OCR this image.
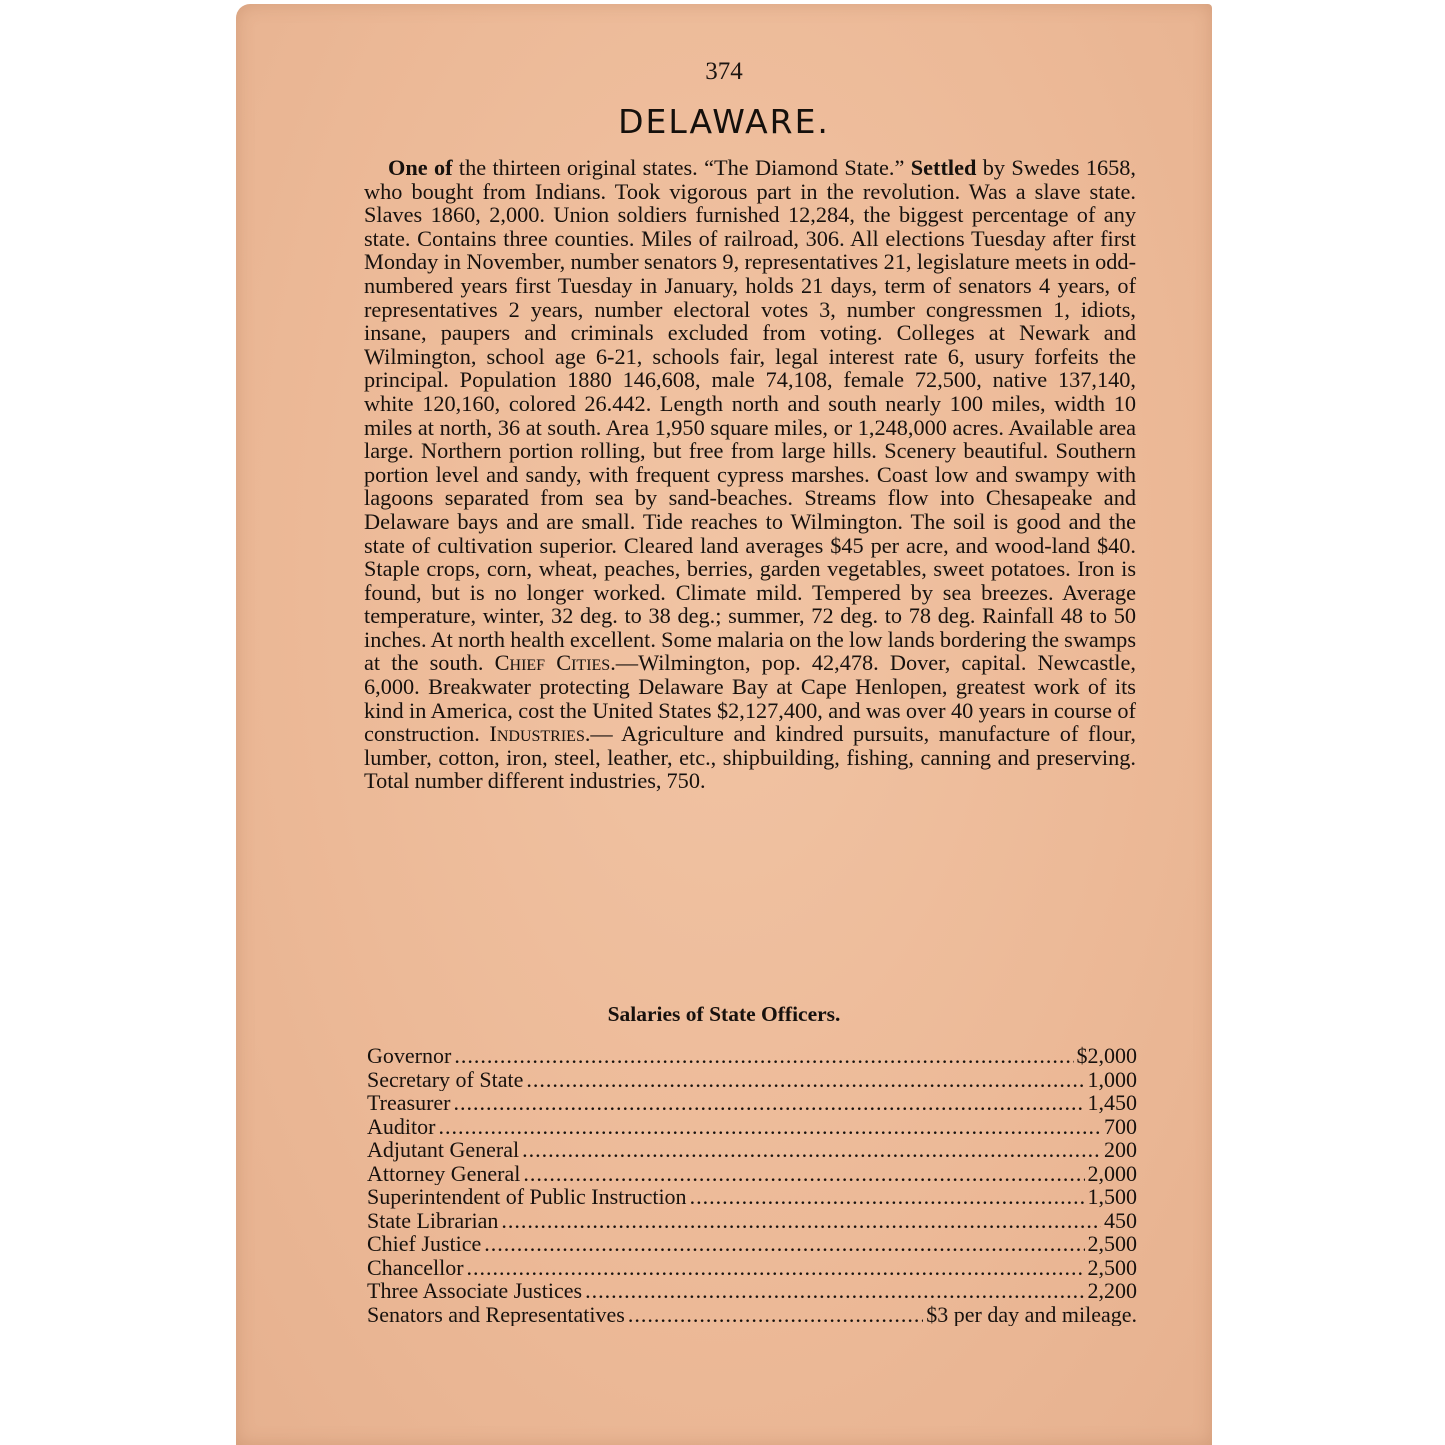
374
DELAWARE.

One of the thirteen original states. “The Diamond State.” Settled by Swedes 1658, who bought from Indians. Took vigorous part in the revolution. Was a slave state. Slaves 1860, 2,000. Union soldiers furnished 12,284, the biggest percentage of any state. Contains three counties. Miles of railroad, 306. All elections Tuesday after first Monday in November, number senators 9, representatives 21, legislature meets in odd-numbered years first Tuesday in January, holds 21 days, term of senators 4 years, of representatives 2 years, number electoral votes 3, number congressmen 1, idiots, insane, paupers and criminals excluded from voting. Colleges at Newark and Wilmington, school age 6-21, schools fair, legal interest rate 6, usury forfeits the principal. Population 1880 146,608, male 74,108, female 72,500, native 137,140, white 120,160, colored 26.442. Length north and south nearly 100 miles, width 10 miles at north, 36 at south. Area 1,950 square miles, or 1,248,000 acres. Available area large. Northern portion rolling, but free from large hills. Scenery beautiful. Southern portion level and sandy, with frequent cypress marshes. Coast low and swampy with lagoons separated from sea by sand-beaches. Streams flow into Chesapeake and Delaware bays and are small. Tide reaches to Wilmington. The soil is good and the state of cultivation superior. Cleared land averages $45 per acre, and wood-land $40. Staple crops, corn, wheat, peaches, berries, garden vegetables, sweet potatoes. Iron is found, but is no longer worked. Climate mild. Tempered by sea breezes. Average temperature, winter, 32 deg. to 38 deg.; summer, 72 deg. to 78 deg. Rainfall 48 to 50 inches. At north health excellent. Some malaria on the low lands bordering the swamps at the south. Chief Cities.—Wilmington, pop. 42,478. Dover, capital. Newcastle, 6,000. Breakwater protecting Delaware Bay at Cape Henlopen, greatest work of its kind in America, cost the United States $2,127,400, and was over 40 years in course of construction. Industries.— Agriculture and kindred pursuits, manufacture of flour, lumber, cotton, iron, steel, leather, etc., shipbuilding, fishing, canning and preserving. Total number different industries, 750.

Salaries of State Officers.
Governor .....	$2,000
Secretary of State .....	1,000
Treasurer .....	1,450
Auditor .....	700
Adjutant General .....	200
Attorney General .....	2,000
Superintendent of Public Instruction .....	1,500
State Librarian .....	450
Chief Justice .....	2,500
Chancellor .....	2,500
Three Associate Justices .....	2,200
Senators and Representatives .....	$3 per day and mileage.
